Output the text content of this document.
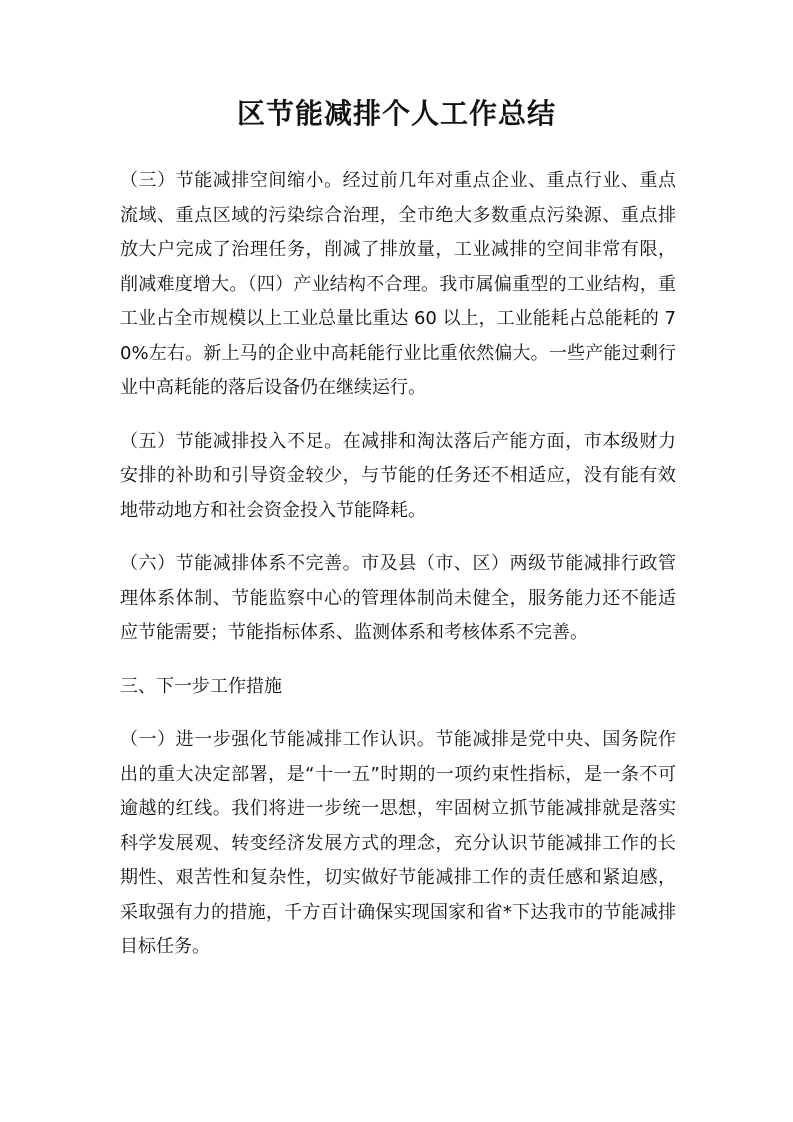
区节能减排个人工作总结

（三）节能减排空间缩小。经过前几年对重点企业、重点行业、重点流域、重点区域的污染综合治理，全市绝大多数重点污染源、重点排放大户完成了治理任务，削减了排放量，工业减排的空间非常有限，削减难度增大。（四）产业结构不合理。我市属偏重型的工业结构，重工业占全市规模以上工业总量比重达 60 以上，工业能耗占总能耗的 70%左右。新上马的企业中高耗能行业比重依然偏大。一些产能过剩行业中高耗能的落后设备仍在继续运行。

（五）节能减排投入不足。在减排和淘汰落后产能方面，市本级财力安排的补助和引导资金较少，与节能的任务还不相适应，没有能有效地带动地方和社会资金投入节能降耗。

（六）节能减排体系不完善。市及县（市、区）两级节能减排行政管理体系体制、节能监察中心的管理体制尚未健全，服务能力还不能适应节能需要；节能指标体系、监测体系和考核体系不完善。

三、下一步工作措施

（一）进一步强化节能减排工作认识。节能减排是党中央、国务院作出的重大决定部署，是“十一五”时期的一项约束性指标，是一条不可逾越的红线。我们将进一步统一思想，牢固树立抓节能减排就是落实科学发展观、转变经济发展方式的理念，充分认识节能减排工作的长期性、艰苦性和复杂性，切实做好节能减排工作的责任感和紧迫感，采取强有力的措施，千方百计确保实现国家和省*下达我市的节能减排目标任务。
